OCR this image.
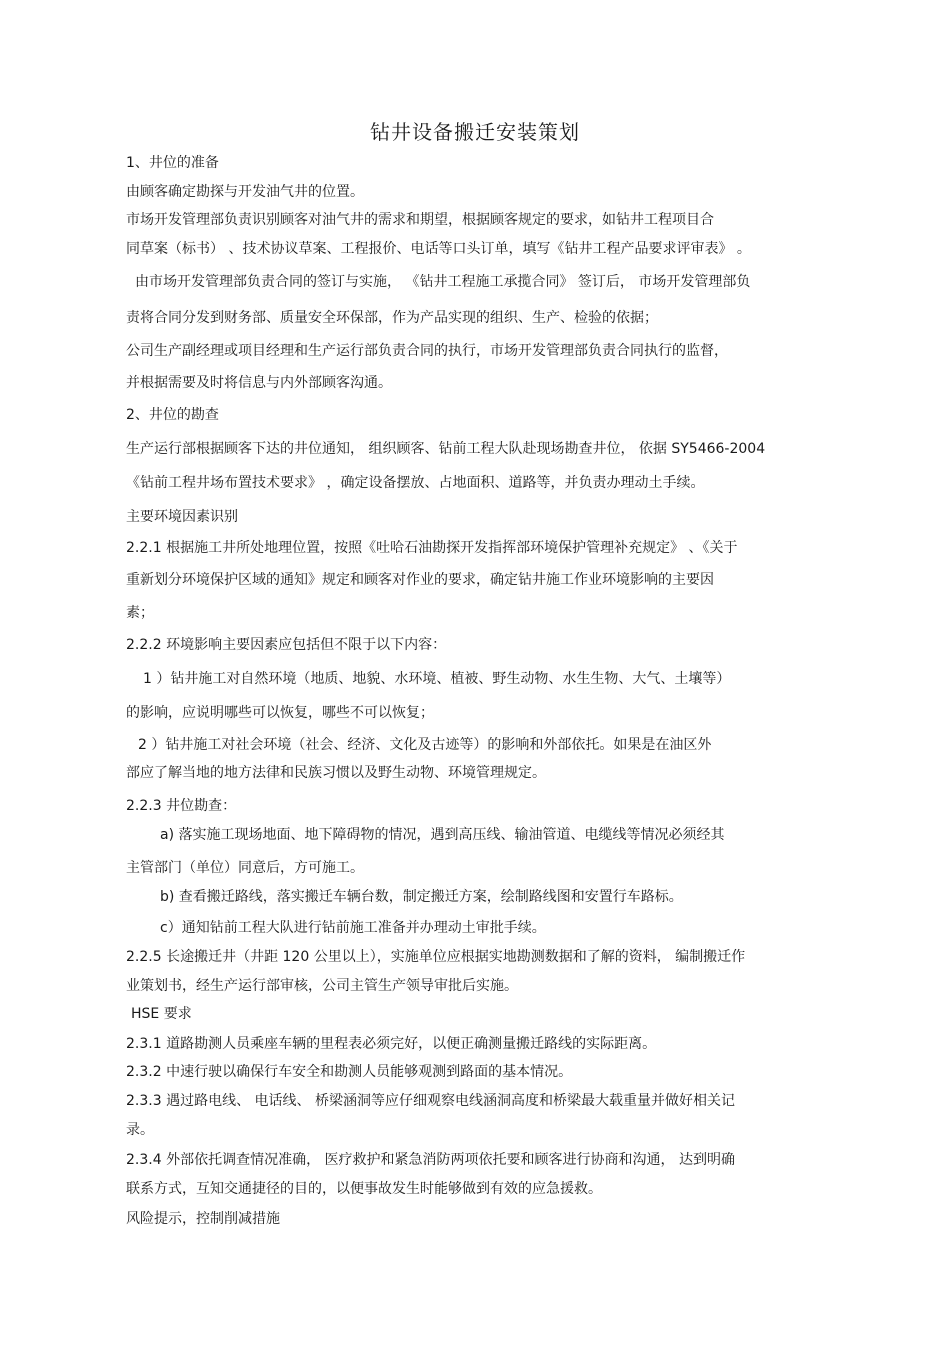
钻井设备搬迁安装策划
1、井位的准备
由顾客确定勘探与开发油气井的位置。
市场开发管理部负责识别顾客对油气井的需求和期望，根据顾客规定的要求，如钻井工程项目合
同草案（标书） 、技术协议草案、工程报价、电话等口头订单，填写《钻井工程产品要求评审表》 。
由市场开发管理部负责合同的签订与实施， 《钻井工程施工承揽合同》 签订后， 市场开发管理部负
责将合同分发到财务部、质量安全环保部，作为产品实现的组织、生产、检验的依据；
公司生产副经理或项目经理和生产运行部负责合同的执行，市场开发管理部负责合同执行的监督，
并根据需要及时将信息与内外部顾客沟通。
2、井位的勘查
生产运行部根据顾客下达的井位通知， 组织顾客、钻前工程大队赴现场勘查井位， 依据 SY5466-2004
《钻前工程井场布置技术要求》 ，确定设备摆放、占地面积、道路等，并负责办理动土手续。
主要环境因素识别
2.2.1 根据施工井所处地理位置，按照《吐哈石油勘探开发指挥部环境保护管理补充规定》 、《关于
重新划分环境保护区域的通知》规定和顾客对作业的要求，确定钻井施工作业环境影响的主要因
素；
2.2.2 环境影响主要因素应包括但不限于以下内容：
1 ）钻井施工对自然环境（地质、地貌、水环境、植被、野生动物、水生生物、大气、土壤等）
的影响，应说明哪些可以恢复，哪些不可以恢复；
2 ）钻井施工对社会环境（社会、经济、文化及古迹等）的影响和外部依托。如果是在油区外
部应了解当地的地方法律和民族习惯以及野生动物、环境管理规定。
2.2.3 井位勘查：
a) 落实施工现场地面、地下障碍物的情况，遇到高压线、输油管道、电缆线等情况必须经其
主管部门（单位）同意后，方可施工。
b) 查看搬迁路线，落实搬迁车辆台数，制定搬迁方案，绘制路线图和安置行车路标。
c）通知钻前工程大队进行钻前施工准备并办理动土审批手续。
2.2.5 长途搬迁井（井距 120 公里以上），实施单位应根据实地勘测数据和了解的资料， 编制搬迁作
业策划书，经生产运行部审核，公司主管生产领导审批后实施。
HSE 要求
2.3.1 道路勘测人员乘座车辆的里程表必须完好，以便正确测量搬迁路线的实际距离。
2.3.2 中速行驶以确保行车安全和勘测人员能够观测到路面的基本情况。
2.3.3 遇过路电线、 电话线、 桥梁涵洞等应仔细观察电线涵洞高度和桥梁最大载重量并做好相关记
录。
2.3.4 外部依托调查情况准确， 医疗救护和紧急消防两项依托要和顾客进行协商和沟通， 达到明确
联系方式，互知交通捷径的目的，以便事故发生时能够做到有效的应急援救。
风险提示，控制削减措施
